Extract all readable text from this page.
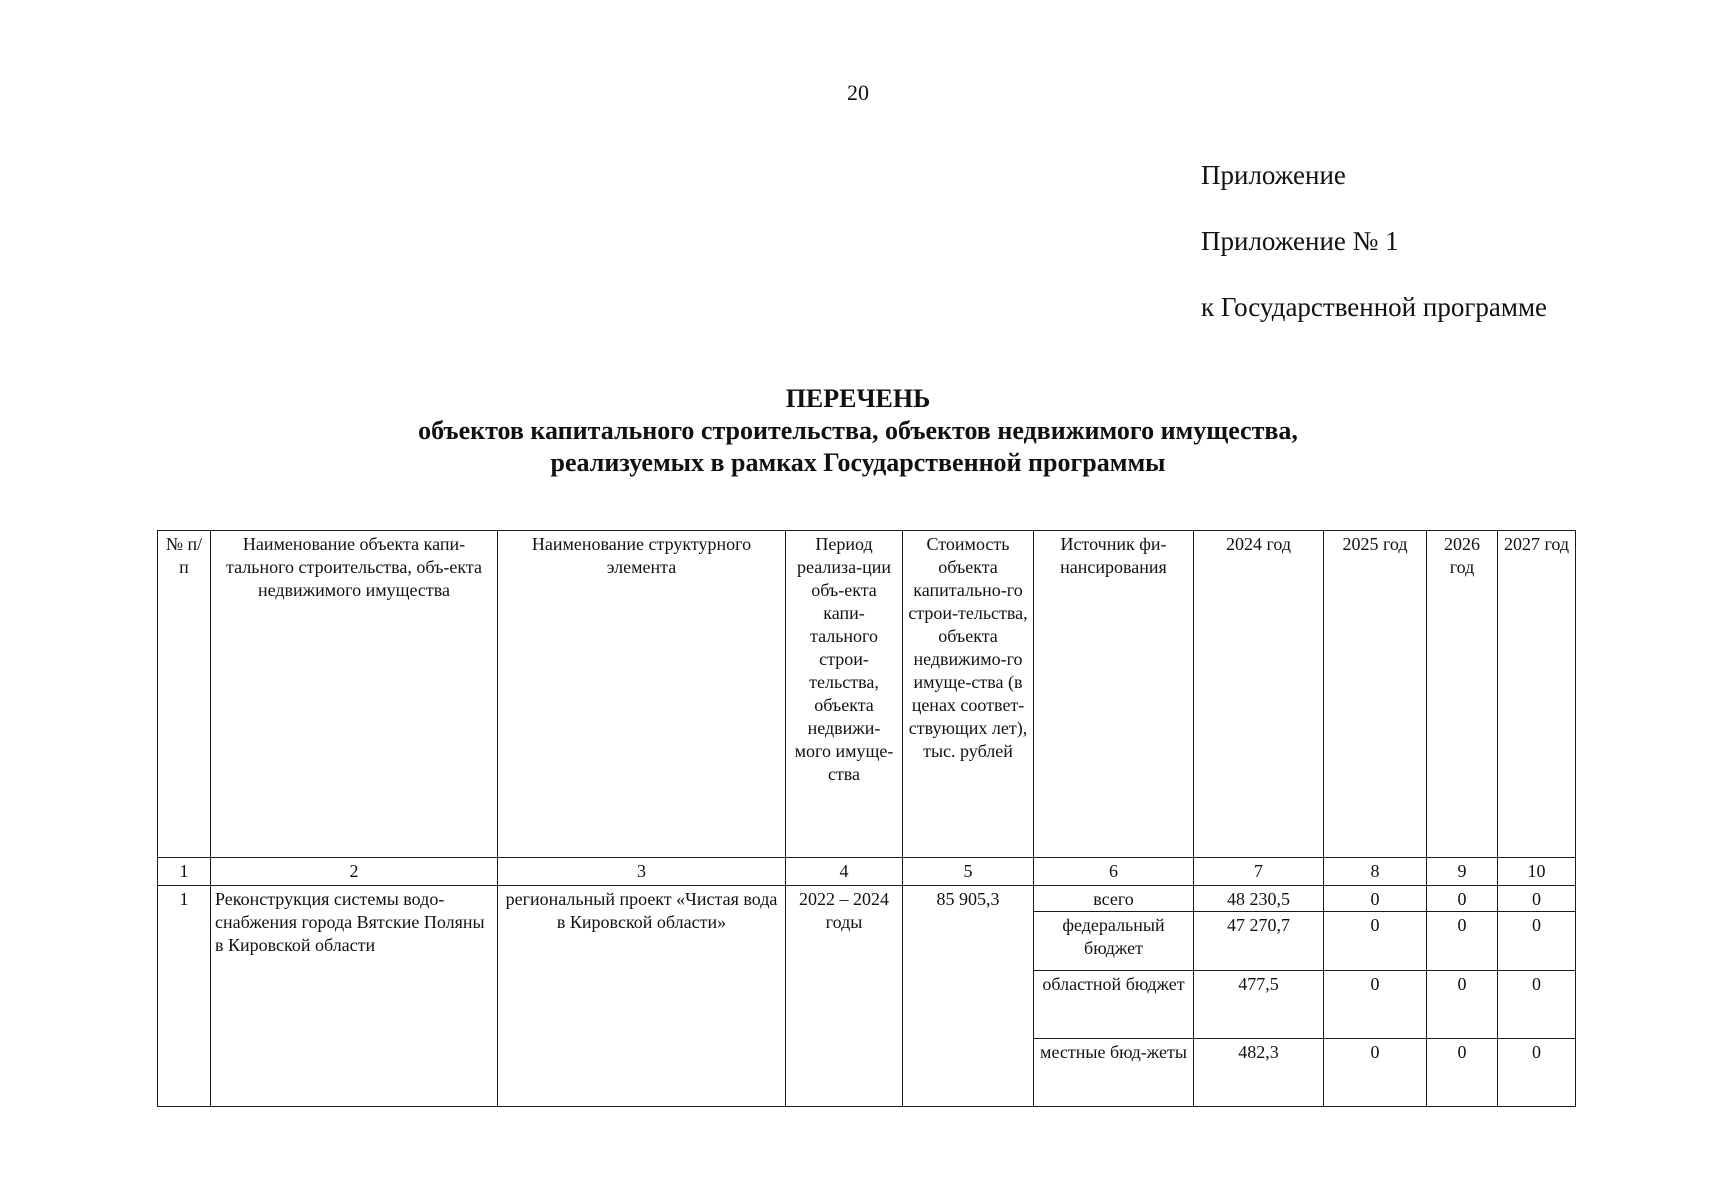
20
Приложение
Приложение № 1
к Государственной программе
ПЕРЕЧЕНЬ
объектов капитального строительства, объектов недвижимого имущества,
реализуемых в рамках Государственной программы
№ п/п	Наименование объекта капи-тального строительства, объ-екта недвижимого имущества	Наименование структурного элемента	Период реализа-ции объ-екта капи-тального строи-тельства, объекта недвижи-мого имуще-ства	Стоимость объекта капитально-го строи-тельства, объекта недвижимо-го имуще-ства (в ценах соответ-ствующих лет), тыс. рублей	Источник фи-нансирования	2024 год	2025 год	2026 год	2027 год
1	2	3	4	5	6	7	8	9	10
1	Реконструкция системы водо-снабжения города Вятские Поляны в Кировской области	региональный проект «Чистая вода в Кировской области»	2022 – 2024 годы	85 905,3	всего	48 230,5	0	0	0
					федеральный бюджет	47 270,7	0	0	0
					областной бюджет	477,5	0	0	0
					местные бюд-жеты	482,3	0	0	0
